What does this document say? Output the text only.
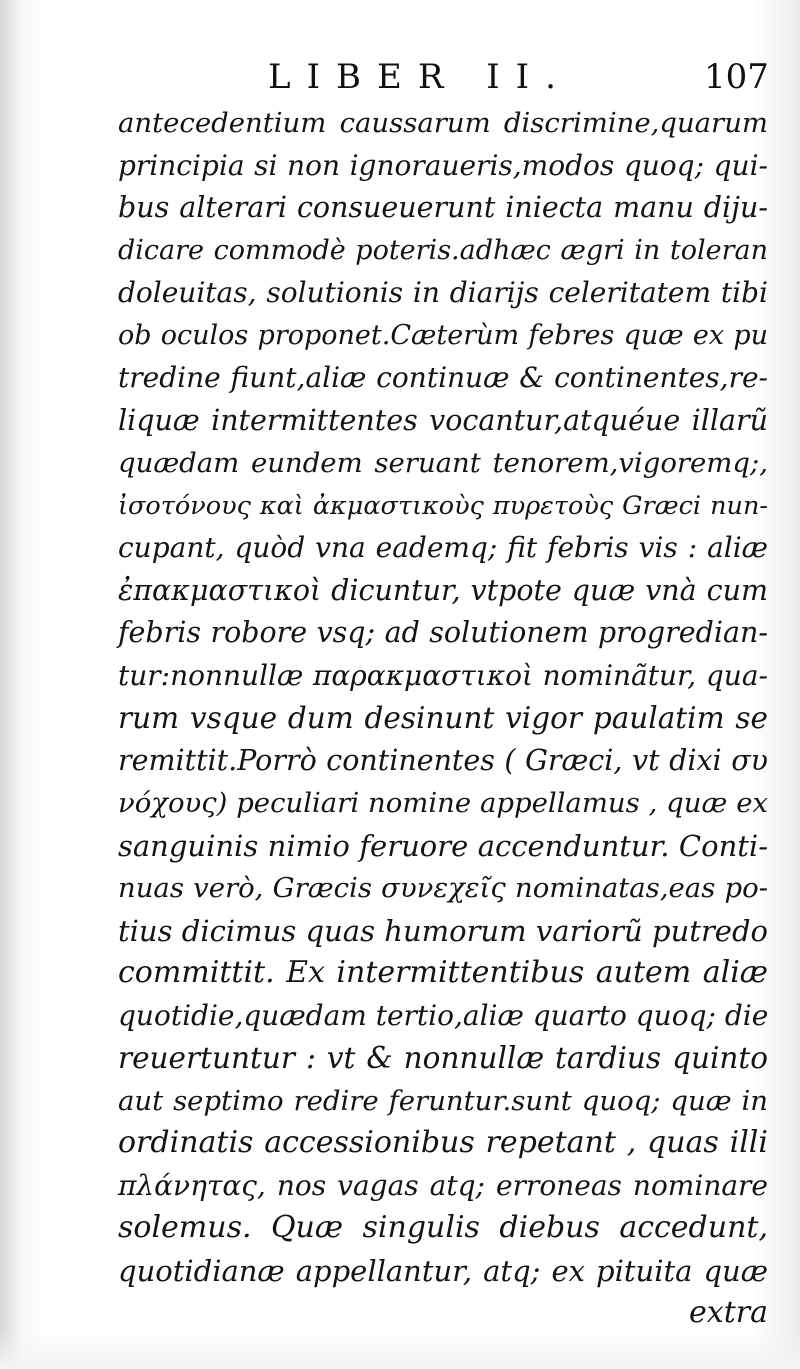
LIBER II.	107
antecedentium caussarum discrimine,quarum
principia si non ignoraueris,modos quoq; qui-
bus alterari consueuerunt iniecta manu diju-
dicare commodè poteris.adhæc ægri in toleran
doleuitas, solutionis in diarijs celeritatem tibi
ob oculos proponet.Cæterùm febres quæ ex pu
tredine fiunt,aliæ continuæ & continentes,re-
liquæ intermittentes vocantur,atquéue illarũ
quædam eundem seruant tenorem,vigoremq;,
ἰσοτόνους καὶ ἀκμαστικοὺς πυρετοὺς Græci nun-
cupant, quòd vna eademq; fit febris vis : aliæ
ἐπακμαστικοὶ dicuntur, vtpote quæ vnà cum
febris robore vsq; ad solutionem progredian-
tur:nonnullæ παρακμαστικοὶ nominãtur, qua-
rum vsque dum desinunt vigor paulatim se
remittit.Porrò continentes ( Græci, vt dixi συ
νόχους) peculiari nomine appellamus , quæ ex
sanguinis nimio feruore accenduntur. Conti-
nuas verò, Græcis συνεχεῖς nominatas,eas po-
tius dicimus quas humorum variorũ putredo
committit. Ex intermittentibus autem aliæ
quotidie,quædam tertio,aliæ quarto quoq; die
reuertuntur : vt & nonnullæ tardius quinto
aut septimo redire feruntur.sunt quoq; quæ in
ordinatis accessionibus repetant , quas illi
πλάνητας, nos vagas atq; erroneas nominare
solemus. Quæ singulis diebus accedunt,
quotidianæ appellantur, atq; ex pituita quæ
extra
